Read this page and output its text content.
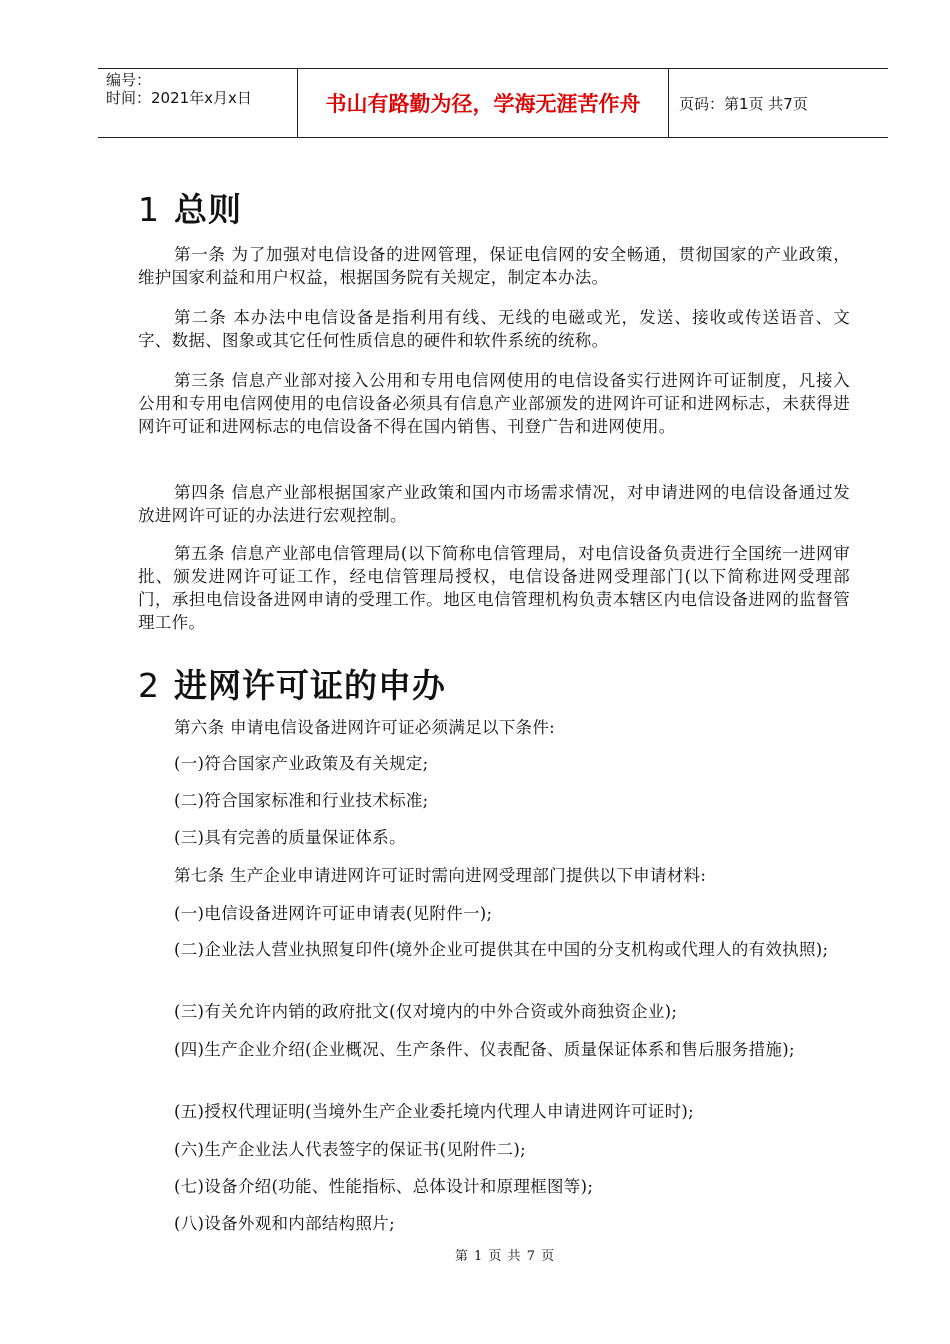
编号：
时间：2021年x月x日	书山有路勤为径，学海无涯苦作舟	页码：第1页 共7页
1 总则
第一条 为了加强对电信设备的进网管理，保证电信网的安全畅通，贯彻国家的产业政策，维护国家利益和用户权益，根据国务院有关规定，制定本办法。
第二条 本办法中电信设备是指利用有线、无线的电磁或光，发送、接收或传送语音、文字、数据、图象或其它任何性质信息的硬件和软件系统的统称。
第三条 信息产业部对接入公用和专用电信网使用的电信设备实行进网许可证制度，凡接入公用和专用电信网使用的电信设备必须具有信息产业部颁发的进网许可证和进网标志，未获得进网许可证和进网标志的电信设备不得在国内销售、刊登广告和进网使用。
第四条 信息产业部根据国家产业政策和国内市场需求情况，对申请进网的电信设备通过发放进网许可证的办法进行宏观控制。
第五条 信息产业部电信管理局(以下简称电信管理局，对电信设备负责进行全国统一进网审批、颁发进网许可证工作，经电信管理局授权，电信设备进网受理部门(以下简称进网受理部门，承担电信设备进网申请的受理工作。地区电信管理机构负责本辖区内电信设备进网的监督管理工作。
2 进网许可证的申办
第六条 申请电信设备进网许可证必须满足以下条件:
(一)符合国家产业政策及有关规定;
(二)符合国家标准和行业技术标准;
(三)具有完善的质量保证体系。
第七条 生产企业申请进网许可证时需向进网受理部门提供以下申请材料:
(一)电信设备进网许可证申请表(见附件一);
(二)企业法人营业执照复印件(境外企业可提供其在中国的分支机构或代理人的有效执照);
(三)有关允许内销的政府批文(仅对境内的中外合资或外商独资企业);
(四)生产企业介绍(企业概况、生产条件、仪表配备、质量保证体系和售后服务措施);
(五)授权代理证明(当境外生产企业委托境内代理人申请进网许可证时);
(六)生产企业法人代表签字的保证书(见附件二);
(七)设备介绍(功能、性能指标、总体设计和原理框图等);
(八)设备外观和内部结构照片;
第 1 页 共 7 页
